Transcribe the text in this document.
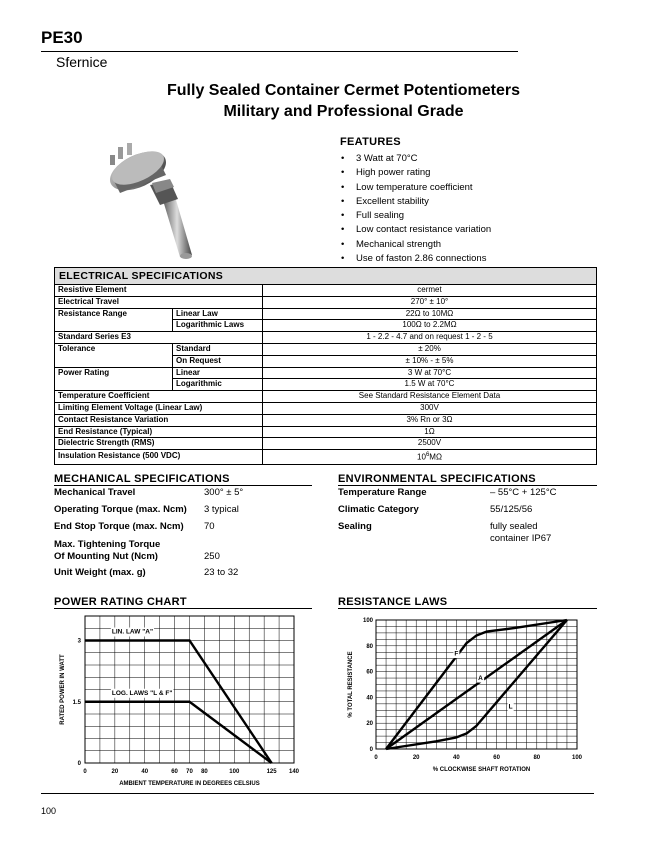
PE30
Sfernice
Fully Sealed Container Cermet Potentiometers
Military and Professional Grade
FEATURES
• 3 Watt at 70°C
• High power rating
• Low temperature coefficient
• Excellent stability
• Full sealing
• Low contact resistance variation
• Mechanical strength
• Use of faston 2.86 connections
ELECTRICAL SPECIFICATIONS
Resistive Element		cermet
Electrical Travel		270° ± 10°
Resistance Range	Linear Law	22Ω to 10MΩ
	Logarithmic Laws	100Ω to 2.2MΩ
Standard Series E3		1 - 2.2 - 4.7 and on request 1 - 2 - 5
Tolerance	Standard	± 20%
	On Request	± 10% - ± 5%
Power Rating	Linear	3 W at 70°C
	Logarithmic	1.5 W at 70°C
Temperature Coefficient		See Standard Resistance Element Data
Limiting Element Voltage (Linear Law)		300V
Contact Resistance Variation		3% Rn or 3Ω
End Resistance (Typical)		1Ω
Dielectric Strength (RMS)		2500V
Insulation Resistance (500 VDC)		$10^6M\Omega$
MECHANICAL SPECIFICATIONS
Mechanical Travel	300° ± 5°
Operating Torque (max. Ncm) 3 typical
End Stop Torque (max. Ncm) 70
Max. Tightening Torque
Of Mounting Nut (Ncm)	250
Unit Weight (max. g)	23 to 32
ENVIRONMENTAL SPECIFICATIONS
Temperature Range	– 55°C + 125°C
Climatic Category	55/125/56
Sealing	fully sealed
container IP67
POWER RATING CHART
LIN. LAW "A"
LOG. LAWS "L & F"
0	20	40	60 70 80	100	125 140
0
1.5
3
AMBIENT TEMPERATURE IN DEGREES CELSIUS
RATED POWER IN WATT
RESISTANCE LAWS
F
A
L
0	20	40	60	80	100
0
20
40
60
80
100
% CLOCKWISE SHAFT ROTATION
% TOTAL RESISTANCE
100
